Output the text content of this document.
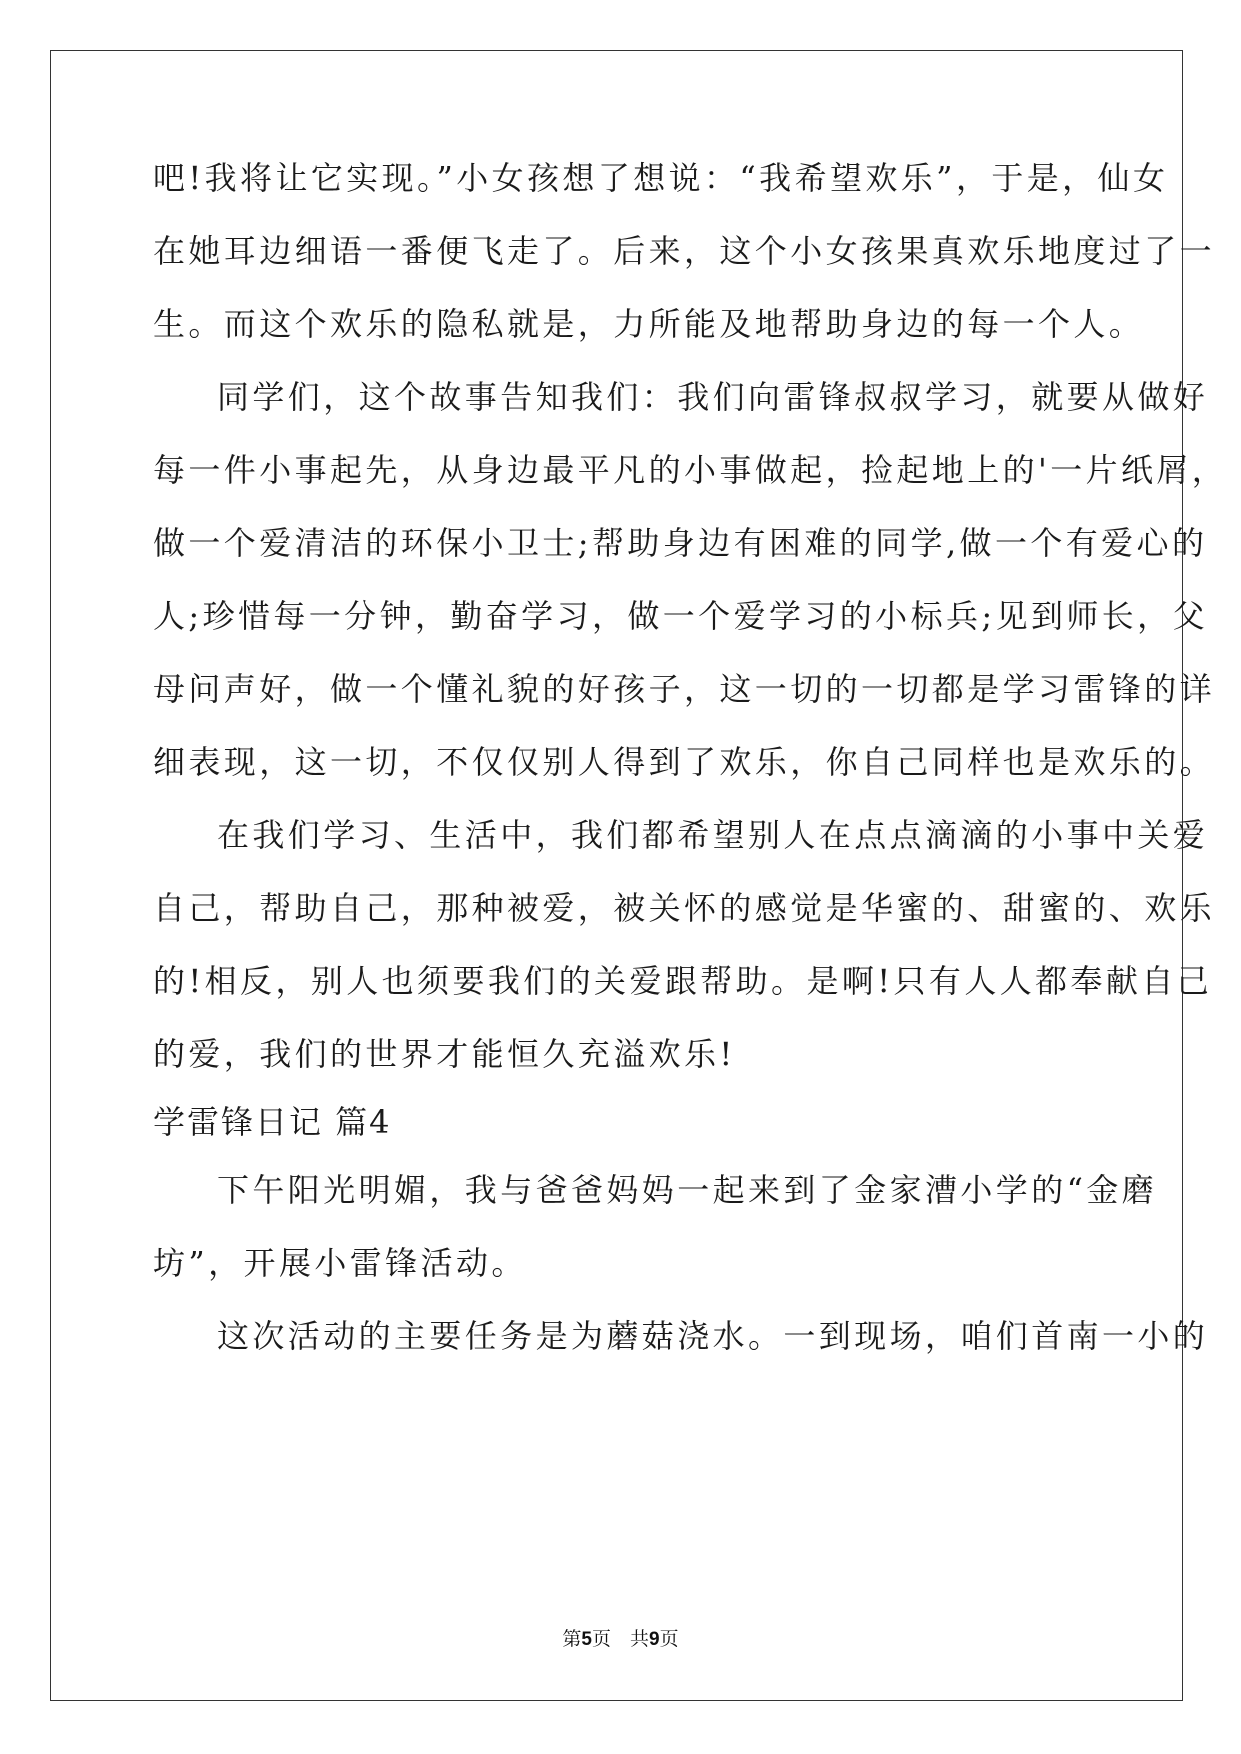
吧!我将让它实现。”小女孩想了想说：“我希望欢乐”，于是，仙女
在她耳边细语一番便飞走了。后来，这个小女孩果真欢乐地度过了一
生。而这个欢乐的隐私就是，力所能及地帮助身边的每一个人。
同学们，这个故事告知我们：我们向雷锋叔叔学习，就要从做好
每一件小事起先，从身边最平凡的小事做起，捡起地上的'一片纸屑，
做一个爱清洁的环保小卫士;帮助身边有困难的同学,做一个有爱心的
人;珍惜每一分钟，勤奋学习，做一个爱学习的小标兵;见到师长，父
母问声好，做一个懂礼貌的好孩子，这一切的一切都是学习雷锋的详
细表现，这一切，不仅仅别人得到了欢乐，你自己同样也是欢乐的。
在我们学习、生活中，我们都希望别人在点点滴滴的小事中关爱
自己，帮助自己，那种被爱，被关怀的感觉是华蜜的、甜蜜的、欢乐
的!相反，别人也须要我们的关爱跟帮助。是啊!只有人人都奉献自己
的爱，我们的世界才能恒久充溢欢乐!
学雷锋日记 篇4
下午阳光明媚，我与爸爸妈妈一起来到了金家漕小学的“金磨
坊”，开展小雷锋活动。
这次活动的主要任务是为蘑菇浇水。一到现场，咱们首南一小的
第5页　共9页
